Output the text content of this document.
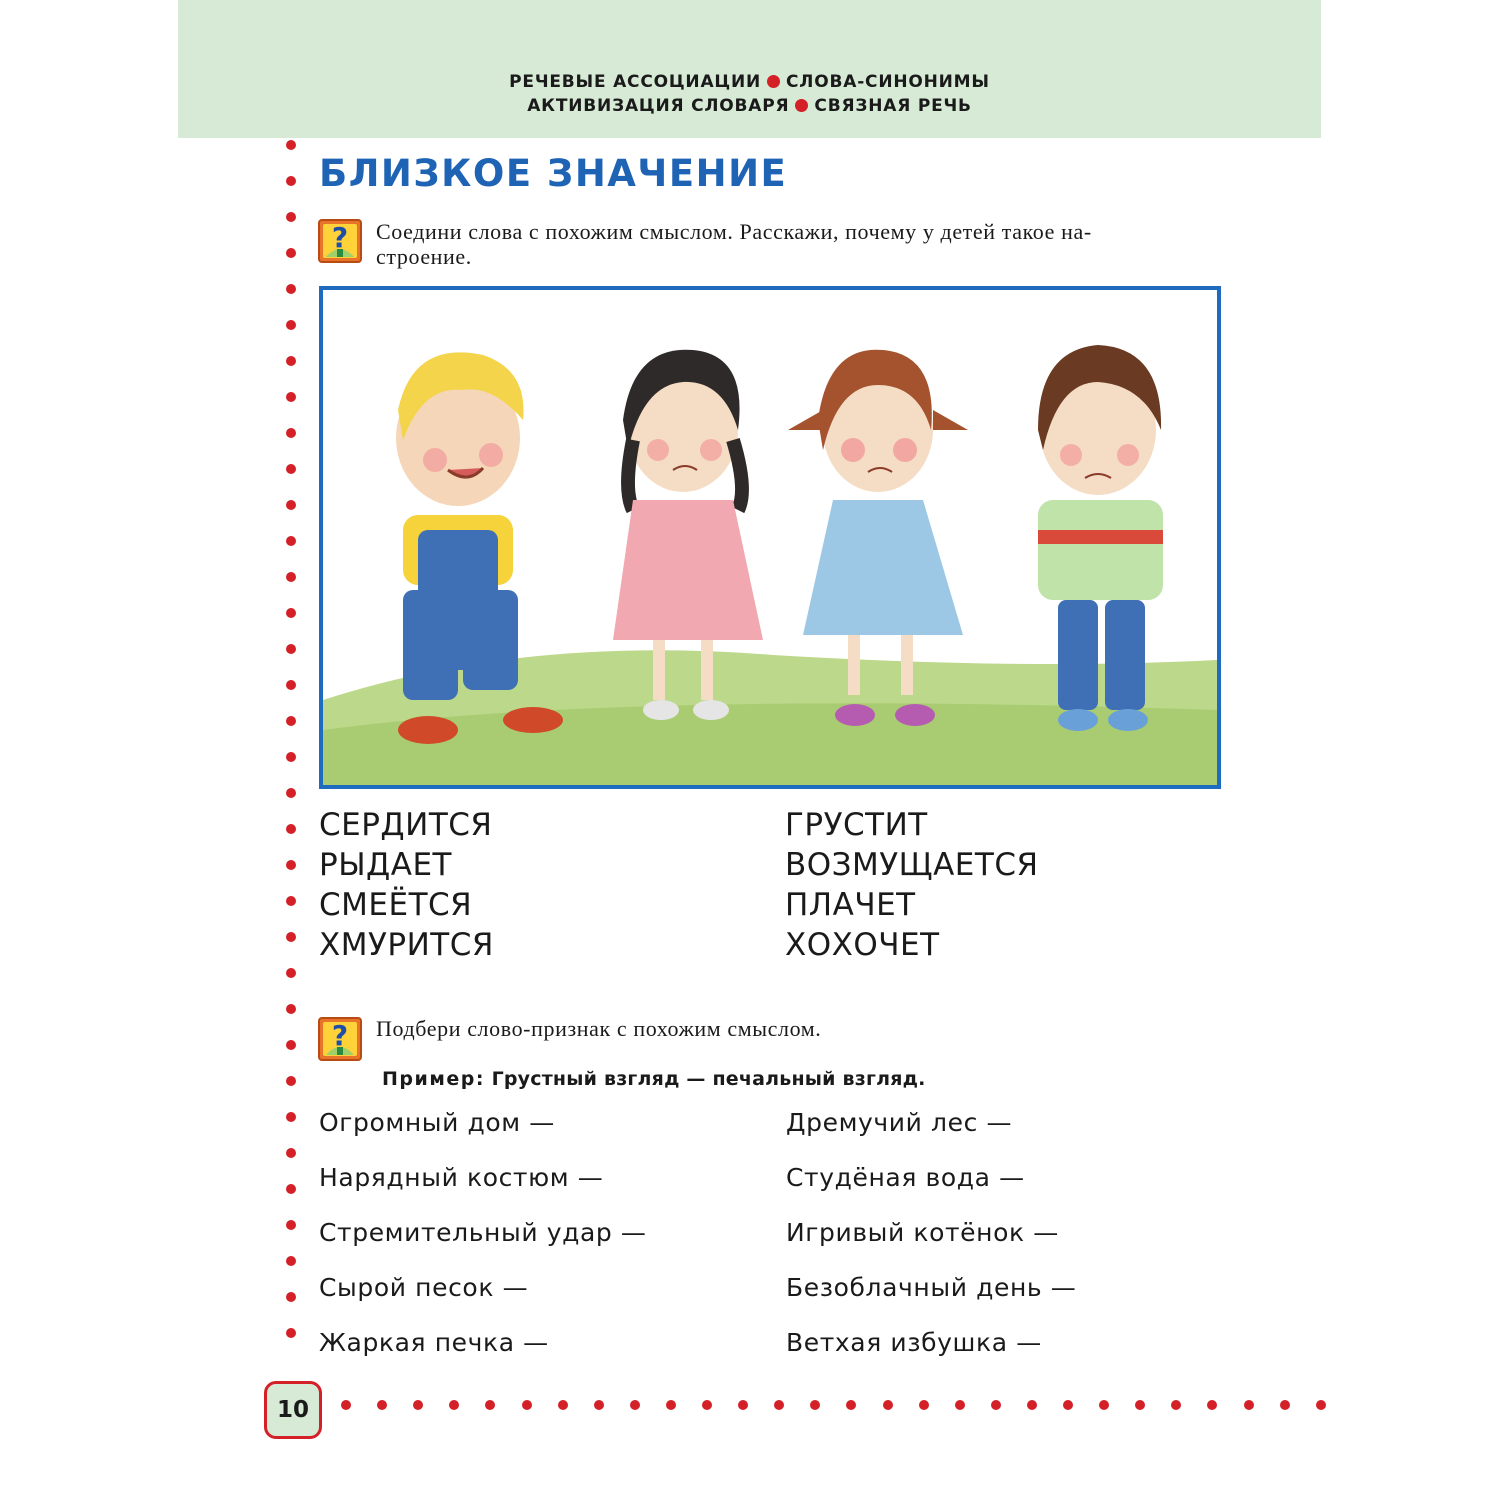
РЕЧЕВЫЕ АССОЦИАЦИИ СЛОВА-СИНОНИМЫ
АКТИВИЗАЦИЯ СЛОВАРЯ СВЯЗНАЯ РЕЧЬ
БЛИЗКОЕ ЗНАЧЕНИЕ
? Соедини слова с похожим смыслом. Расскажи, почему у детей такое на-
строение.
СЕРДИТСЯ
РЫДАЕТ
СМЕЁТСЯ
ХМУРИТСЯ
ГРУСТИТ
ВОЗМУЩАЕТСЯ
ПЛАЧЕТ
ХОХОЧЕТ
? Подбери слово-признак с похожим смыслом.
Пример: Грустный взгляд — печальный взгляд.
Огромный дом —
Нарядный костюм —
Стремительный удар —
Сырой песок —
Жаркая печка —
Дремучий лес —
Студёная вода —
Игривый котёнок —
Безоблачный день —
Ветхая избушка —
10
